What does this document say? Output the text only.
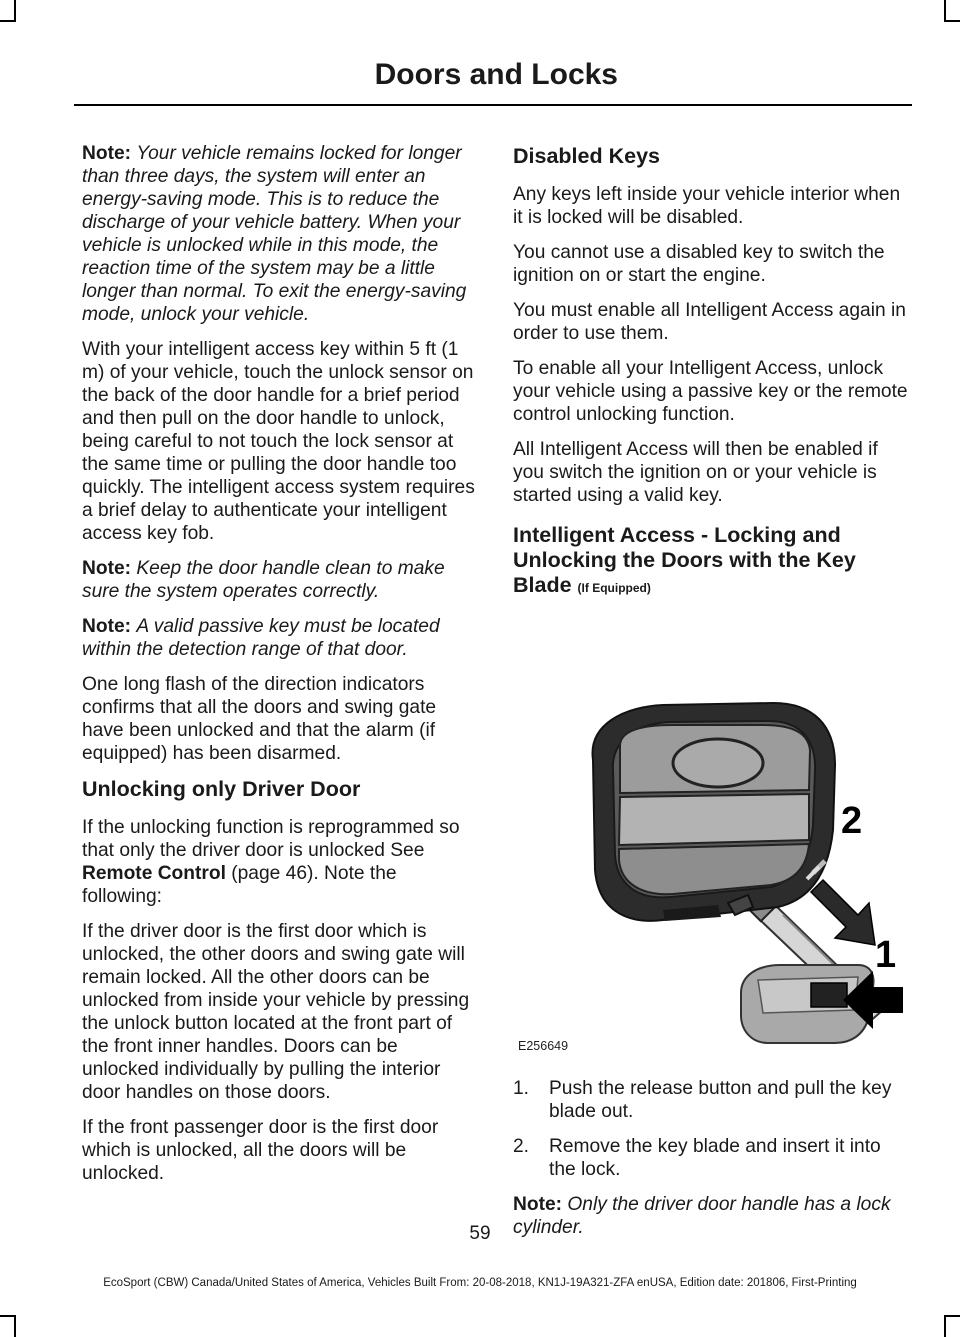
Doors and Locks

Note: Your vehicle remains locked for longer than three days, the system will enter an energy-saving mode. This is to reduce the discharge of your vehicle battery. When your vehicle is unlocked while in this mode, the reaction time of the system may be a little longer than normal. To exit the energy-saving mode, unlock your vehicle.

With your intelligent access key within 5 ft (1 m) of your vehicle, touch the unlock sensor on the back of the door handle for a brief period and then pull on the door handle to unlock, being careful to not touch the lock sensor at the same time or pulling the door handle too quickly. The intelligent access system requires a brief delay to authenticate your intelligent access key fob.

Note: Keep the door handle clean to make sure the system operates correctly.

Note: A valid passive key must be located within the detection range of that door.

One long flash of the direction indicators confirms that all the doors and swing gate have been unlocked and that the alarm (if equipped) has been disarmed.

Unlocking only Driver Door

If the unlocking function is reprogrammed so that only the driver door is unlocked See Remote Control (page 46). Note the following:

If the driver door is the first door which is unlocked, the other doors and swing gate will remain locked. All the other doors can be unlocked from inside your vehicle by pressing the unlock button located at the front part of the front inner handles. Doors can be unlocked individually by pulling the interior door handles on those doors.

If the front passenger door is the first door which is unlocked, all the doors will be unlocked.

Disabled Keys

Any keys left inside your vehicle interior when it is locked will be disabled.

You cannot use a disabled key to switch the ignition on or start the engine.

You must enable all Intelligent Access again in order to use them.

To enable all your Intelligent Access, unlock your vehicle using a passive key or the remote control unlocking function.

All Intelligent Access will then be enabled if you switch the ignition on or your vehicle is started using a valid key.

Intelligent Access - Locking and Unlocking the Doors with the Key Blade (If Equipped)
2
1
E256649
1.	Push the release button and pull the key blade out.
2.	Remove the key blade and insert it into the lock.

Note: Only the driver door handle has a lock cylinder.

59
EcoSport (CBW) Canada/United States of America, Vehicles Built From: 20-08-2018, KN1J-19A321-ZFA enUSA, Edition date: 201806, First-Printing
